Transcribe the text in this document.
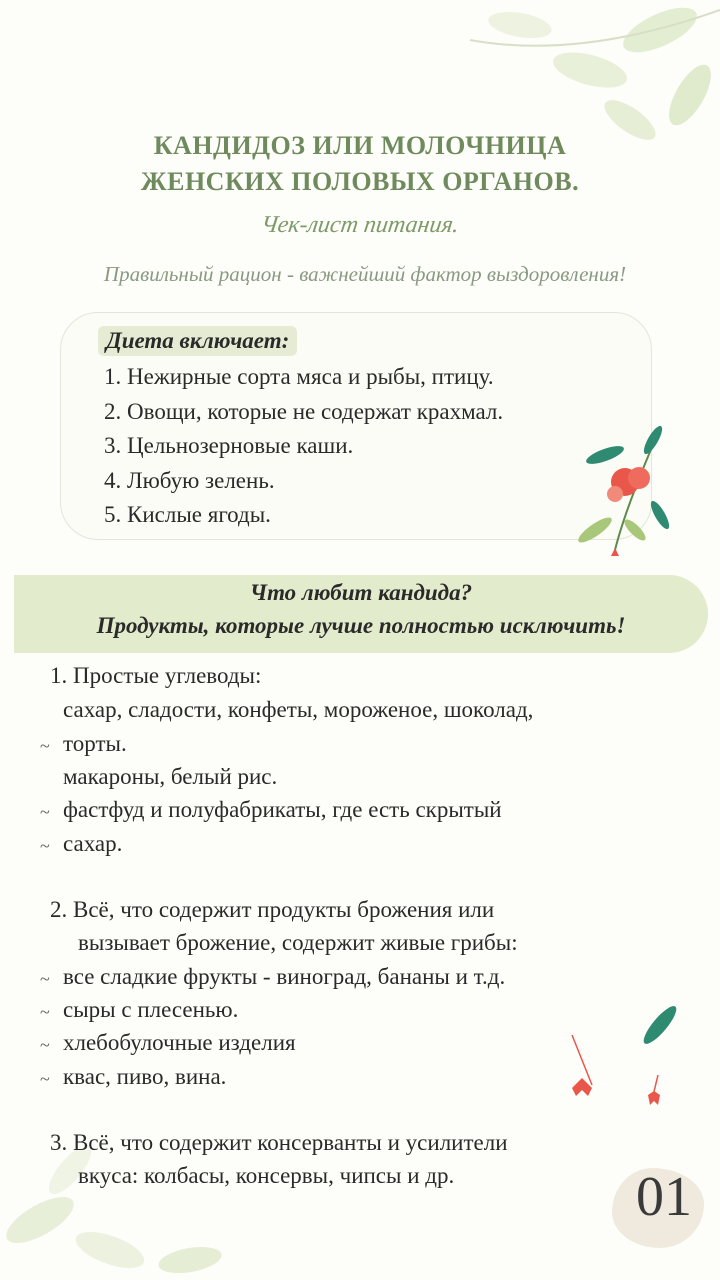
КАНДИДОЗ ИЛИ МОЛОЧНИЦА
ЖЕНСКИХ ПОЛОВЫХ ОРГАНОВ.
Чек-лист питания.
Правильный рацион - важнейший фактор выздоровления!
Диета включает:
1. Нежирные сорта мяса и рыбы, птицу.
2. Овощи, которые не содержат крахмал.
3. Цельнозерновые каши.
4. Любую зелень.
5. Кислые ягоды.
Что любит кандида?
Продукты, которые лучше полностью исключить!
1. Простые углеводы:
сахар, сладости, конфеты, мороженое, шоколад,
~ торты.
макароны, белый рис.
~ фастфуд и полуфабрикаты, где есть скрытый
~ сахар.
2. Всё, что содержит продукты брожения или
вызывает брожение, содержит живые грибы:
~ все сладкие фрукты - виноград, бананы и т.д.
~ сыры с плесенью.
~ хлебобулочные изделия
~ квас, пиво, вина.
3. Всё, что содержит консерванты и усилители
вкуса: колбасы, консервы, чипсы и др.	01
